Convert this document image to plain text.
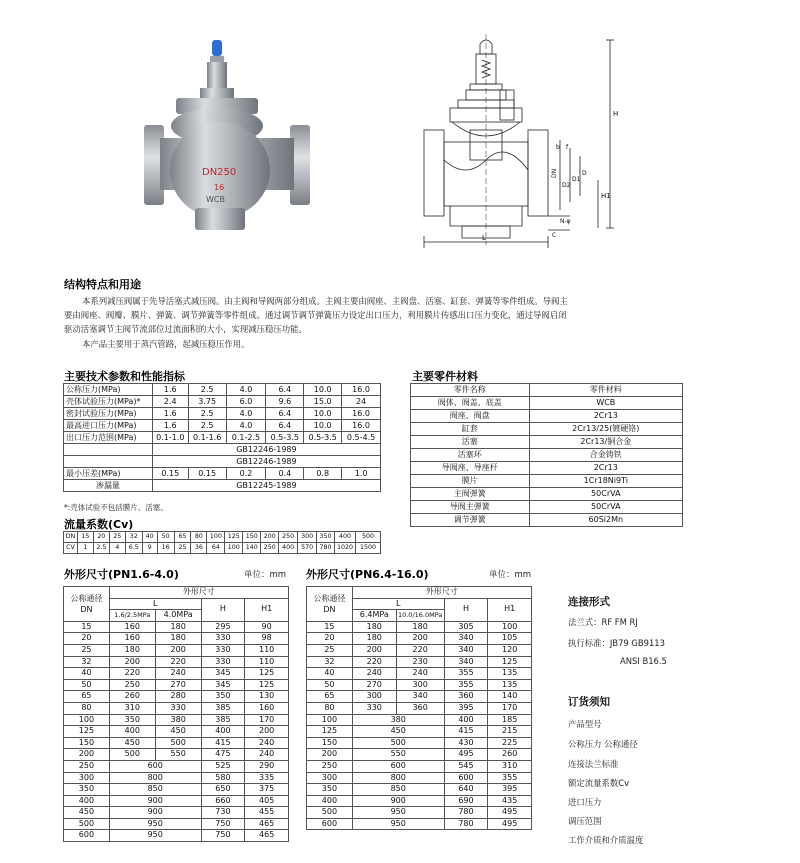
DN250
16
WCB
H
H1
L
DN	D
D1
D2
b f
C
N-φ
结构特点和用途
本系列减压阀属于先导活塞式减压阀。由主阀和导阀两部分组成。主阀主要由阀座、主阀盘、活塞、缸套、弹簧等零件组成。导阀主
要由阀座、阀瓣、膜片、弹簧、调节弹簧等零件组成。通过调节调节弹簧压力设定出口压力，利用膜片传感出口压力变化，通过导阀启闭
驱动活塞调节主阀节流部位过流面积的大小，实现减压稳压功能。
本产品主要用于蒸汽管路，起减压稳压作用。
主要技术参数和性能指标
公称压力(MPa)	1.6	2.5	4.0	6.4	10.0	16.0
壳体试验压力(MPa)*	2.4	3.75	6.0	9.6	15.0	24
密封试验压力(MPa)	1.6	2.5	4.0	6.4	10.0	16.0
最高进口压力(MPa)	1.6	2.5	4.0	6.4	10.0	16.0
出口压力范围(MPa)	0.1-1.0	0.1-1.6	0.1-2.5	0.5-3.5	0.5-3.5	0.5-4.5
	GB12246-1989					
	GB12246-1989					
最小压差(MPa)	0.15	0.15	0.2	0.4	0.8	1.0
渗漏量	GB12245-1989					
*:壳体试验不包括膜片、活塞。
主要零件材料
零件名称	零件材料
阀体、阀盖、底盖	WCB
阀座、阀盘	2Cr13
缸套	2Cr13/25(镀硬铬)
活塞	2Cr13/铜合金
活塞环	合金铸铁
导阀座、导座杆	2Cr13
膜片	1Cr18Ni9Ti
主阀弹簧	50CrVA
导阀主弹簧	50CrVA
调节弹簧	60Si2Mn
流量系数(Cv)
DN	15	20	25	32	40	50	65	80	100	125	150	200	250	300	350	400	500
CV	1	2.5	4	6.5	9	16	25	36	64	100	140	250	400	570	780	1020	1500
外形尺寸(PN1.6-4.0)	单位：mm
公称通径
DN	外形尺寸			
	L		H	H1
	1.6/2.5MPa	4.0MPa		
15	160	180	295	90
20	160	180	330	98
25	180	200	330	110
32	200	220	330	110
40	220	240	345	125
50	250	270	345	125
65	260	280	350	130
80	310	330	385	160
100	350	380	385	170
125	400	450	400	200
150	450	500	415	240
200	500	550	475	240
250	600		525	290
300	800		580	335
350	850		650	375
400	900		660	405
450	900		730	455
500	950		750	465
600	950		750	465
外形尺寸(PN6.4-16.0)	单位：mm
公称通径
DN	外形尺寸			
	L		H	H1
	6.4MPa	10.0/16.0MPa		
15	180	180	305	100
20	180	200	340	105
25	200	220	340	120
32	220	230	340	125
40	240	240	355	135
50	270	300	355	135
65	300	340	360	140
80	330	360	395	170
100	380		400	185
125	450		415	215
150	500		430	225
200	550		495	260
250	600		545	310
300	800		600	355
350	850		640	395
400	900		690	435
500	950		780	495
600	950		780	495
连接形式
法兰式：RF FM RJ
执行标准：JB79 GB9113
ANSI B16.5
订货须知
产品型号
公称压力 公称通径
连接法兰标准
额定流量系数Cv
进口压力
调压范围
工作介质和介质温度
